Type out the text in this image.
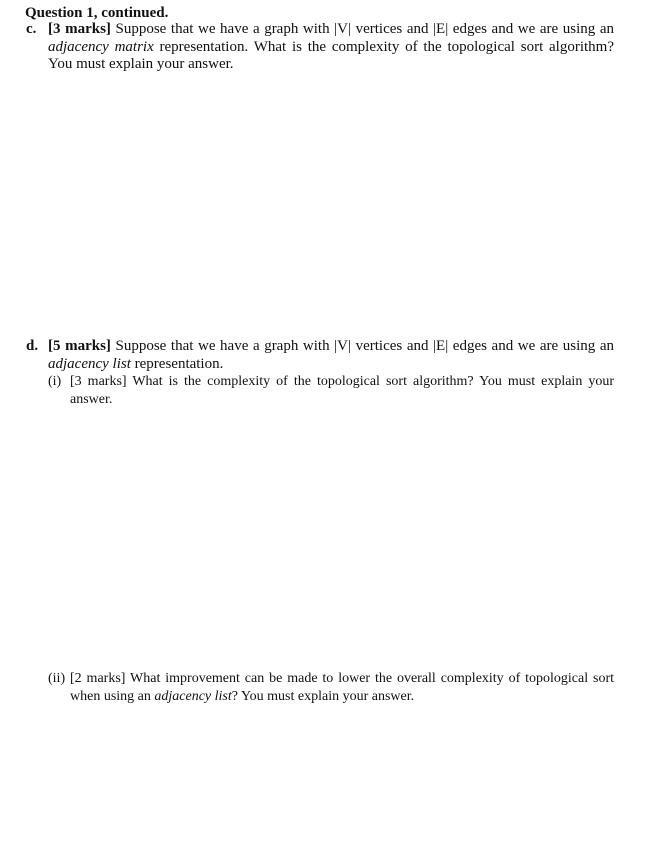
Question 1, continued.
c. [3 marks] Suppose that we have a graph with |V| vertices and |E| edges and we are using an adjacency matrix representation. What is the complexity of the topological sort algorithm? You must explain your answer.
d. [5 marks] Suppose that we have a graph with |V| vertices and |E| edges and we are using an adjacency list representation.
(i) [3 marks] What is the complexity of the topological sort algorithm? You must explain your
answer.
(ii) [2 marks] What improvement can be made to lower the overall complexity of topological sort when using an adjacency list? You must explain your answer.
